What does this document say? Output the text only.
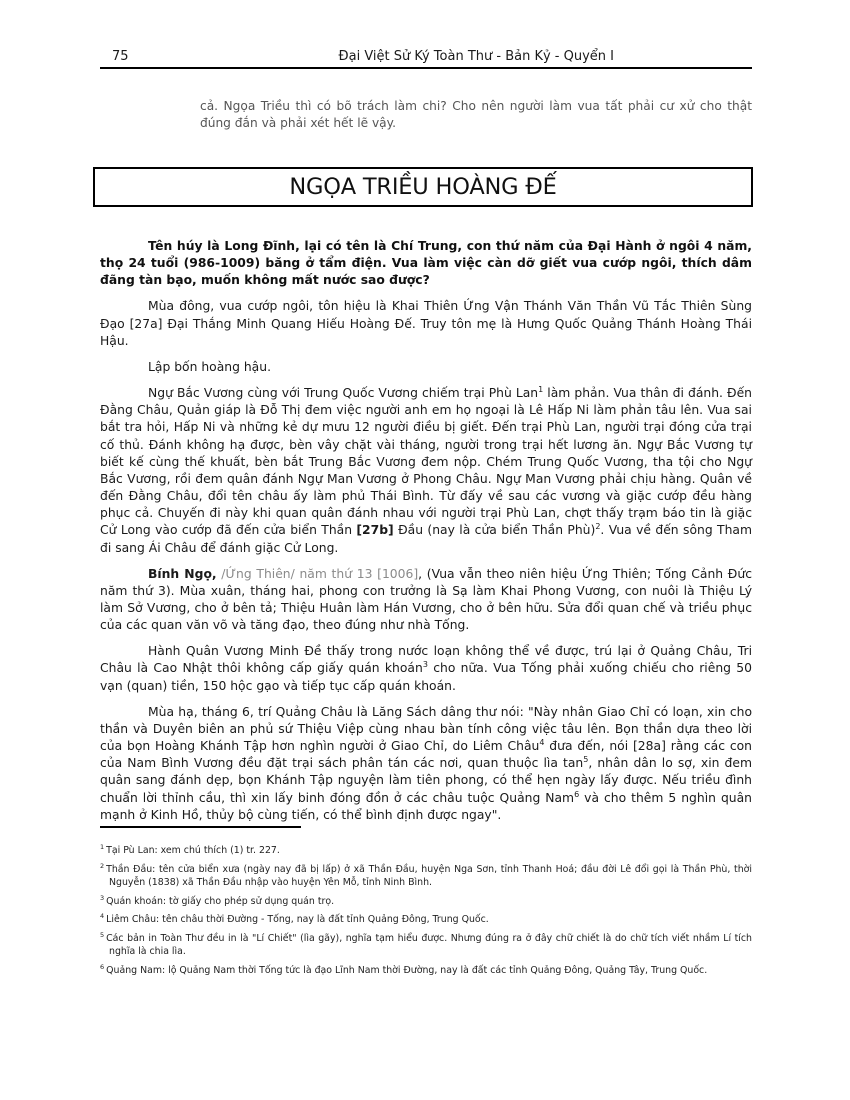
75	Đại Việt Sử Ký Toàn Thư - Bản Kỷ - Quyển I

cả. Ngọa Triều thì có bõ trách làm chi? Cho nên người làm vua tất phải cư xử cho thật đúng đắn và phải xét hết lẽ vậy.

NGỌA TRIỀU HOÀNG ĐẾ

Tên húy là Long Đĩnh, lại có tên là Chí Trung, con thứ năm của Đại Hành ở ngôi 4 năm, thọ 24 tuổi (986-1009) băng ở tẩm điện. Vua làm việc càn dỡ giết vua cướp ngôi, thích dâm đãng tàn bạo, muốn không mất nước sao được?

Mùa đông, vua cướp ngôi, tôn hiệu là Khai Thiên Ứng Vận Thánh Văn Thần Vũ Tắc Thiên Sùng Đạo [27a] Đại Thắng Minh Quang Hiếu Hoàng Đế. Truy tôn mẹ là Hưng Quốc Quảng Thánh Hoàng Thái Hậu.

Lập bốn hoàng hậu.

Ngự Bắc Vương cùng với Trung Quốc Vương chiếm trại Phù Lan$^1$ làm phản. Vua thân đi đánh. Đến Đằng Châu, Quản giáp là Đỗ Thị đem việc người anh em họ ngoại là Lê Hấp Ni làm phản tâu lên. Vua sai bắt tra hỏi, Hấp Ni và những kẻ dự mưu 12 người điều bị giết. Đến trại Phù Lan, người trại đóng cửa trại cố thủ. Đánh không hạ được, bèn vây chặt vài tháng, người trong trại hết lương ăn. Ngự Bắc Vương tự biết kế cùng thế khuất, bèn bắt Trung Bắc Vương đem nộp. Chém Trung Quốc Vương, tha tội cho Ngự Bắc Vương, rồi đem quân đánh Ngự Man Vương ở Phong Châu. Ngự Man Vương phải chịu hàng. Quân về đến Đằng Châu, đổi tên châu ấy làm phủ Thái Bình. Từ đấy về sau các vương và giặc cướp đều hàng phục cả. Chuyến đi này khi quan quân đánh nhau với người trại Phù Lan, chợt thấy trạm báo tin là giặc Cử Long vào cướp đã đến cửa biển Thần [27b] Đầu (nay là cửa biển Thần Phù)$^2$. Vua về đến sông Tham đi sang Ái Châu để đánh giặc Cử Long.

Bính Ngọ, /Ứng Thiên/ năm thứ 13 [1006], (Vua vẫn theo niên hiệu Ứng Thiên; Tống Cảnh Đức năm thứ 3). Mùa xuân, tháng hai, phong con trưởng là Sạ làm Khai Phong Vương, con nuôi là Thiệu Lý làm Sở Vương, cho ở bên tả; Thiệu Huân làm Hán Vương, cho ở bên hữu. Sửa đổi quan chế và triều phục của các quan văn võ và tăng đạo, theo đúng như nhà Tống.

Hành Quân Vương Minh Đề thấy trong nước loạn không thể về được, trú lại ở Quảng Châu, Tri Châu là Cao Nhật thôi không cấp giấy quán khoán$^3$ cho nữa. Vua Tống phải xuống chiếu cho riêng 50 vạn (quan) tiền, 150 hộc gạo và tiếp tục cấp quán khoán.

Mùa hạ, tháng 6, trí Quảng Châu là Lăng Sách dâng thư nói: "Này nhân Giao Chỉ có loạn, xin cho thần và Duyên biên an phủ sứ Thiệu Việp cùng nhau bàn tính công việc tâu lên. Bọn thần dựa theo lời của bọn Hoàng Khánh Tập hơn nghìn người ở Giao Chỉ, do Liêm Châu$^4$ đưa đến, nói [28a] rằng các con của Nam Bình Vương đều đặt trại sách phân tán các nơi, quan thuộc lìa $\tan^5$, nhân dân lo sợ, xin đem quân sang đánh dẹp, bọn Khánh Tập nguyện làm tiên phong, có thể hẹn ngày lấy được. Nếu triều đình chuẩn lời thỉnh cầu, thì xin lấy binh đóng đồn ở các châu tuộc Quảng Nam$^6$ và cho thêm 5 nghìn quân mạnh ở Kinh Hồ, thủy bộ cùng tiến, có thể bình định được ngay".

$^1$ Tại Pù Lan: xem chú thích (1) tr. 227.

$^2$ Thần Đầu: tên cửa biển xưa (ngày nay đã bị lấp) ở xã Thần Đầu, huyện Nga Sơn, tỉnh Thanh Hoá; đầu đời Lê đổi gọi là Thần Phù, thời Nguyễn (1838) xã Thần Đầu nhập vào huyện Yên Mỗ, tỉnh Ninh Bình.

$^3$ Quán khoán: tờ giấy cho phép sử dụng quán trọ.

$^4$ Liêm Châu: tên châu thời Đường - Tống, nay là đất tỉnh Quảng Đông, Trung Quốc.

$^5$ Các bản in Toàn Thư đều in là "Lí Chiết" (lìa gãy), nghĩa tạm hiểu được. Nhưng đúng ra ở đây chữ chiết là do chữ tích viết nhầm Lí tích nghĩa là chia lìa.

$^6$ Quảng Nam: lộ Quảng Nam thời Tống tức là đạo Lĩnh Nam thời Đường, nay là đất các tỉnh Quảng Đông, Quảng Tây, Trung Quốc.
